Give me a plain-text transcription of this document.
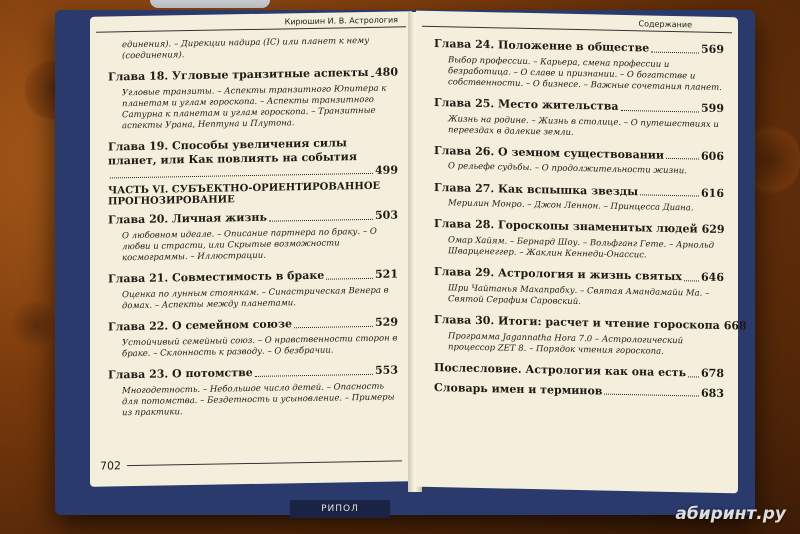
Кирюшин И. В. Астрология
единения). – Дирекции надира (IC) или планет к нему (соединения).
Глава 18. Угловые транзитные аспекты 480
Угловые транзиты. – Аспекты транзитного Юпитера к планетам и углам гороскопа. – Аспекты транзитного Сатурна к планетам и углам гороскопа. – Транзитные аспекты Урана, Нептуна и Плутона.
Глава 19. Способы увеличения силы планет, или Как повлиять на события
499
ЧАСТЬ VI. СУБЪЕКТНО-ОРИЕНТИРОВАННОЕ ПРОГНОЗИРОВАНИЕ
Глава 20. Личная жизнь	503
О любовном идеале. – Описание партнера по браку. – О любви и страсти, или Скрытые возможности космограммы. – Иллюстрации.
Глава 21. Совместимость в браке	521
Оценка по лунным стоянкам. – Синастрическая Венера в домах. – Аспекты между планетами.
Глава 22. О семейном союзе	529
Устойчивый семейный союз. – О нравственности сторон в браке. – Склонность к разводу. – О безбрачии.
Глава 23. О потомстве	553
Многодетность. – Небольшое число детей. – Опасность для потомства. – Бездетность и усыновление. – Примеры из практики.
702
Содержание
Глава 24. Положение в обществе	569
Выбор профессии. – Карьера, смена профессии и безработица. – О славе и признании. – О богатстве и собственности. – О бизнесе. – Важные сочетания планет.
Глава 25. Место жительства	599
Жизнь на родине. – Жизнь в столице. – О путешествиях и переездах в далекие земли.
Глава 26. О земном существовании	606
О рельефе судьбы. – О продолжительности жизни.
Глава 27. Как вспышка звезды	616
Мерилин Монро. – Джон Леннон. – Принцесса Диана.
Глава 28. Гороскопы знаменитых людей 629
Омар Хайям. – Бернард Шоу. – Вольфганг Гете. – Арнольд Шварценеггер. – Жаклин Кеннеди-Онассис.
Глава 29. Астрология и жизнь святых 646
Шри Чайтанья Махапрабху. – Святая Амандамайи Ма. – Святой Серафим Саровский.
Глава 30. Итоги: расчет и чтение гороскопа 668
Программа Jagannatha Hora 7.0 – Астрологический процессор ZET 8. – Порядок чтения гороскопа.
Послесловие. Астрология как она есть 678
Словарь имен и терминов	683
РИПОЛ	абиринт.ру
